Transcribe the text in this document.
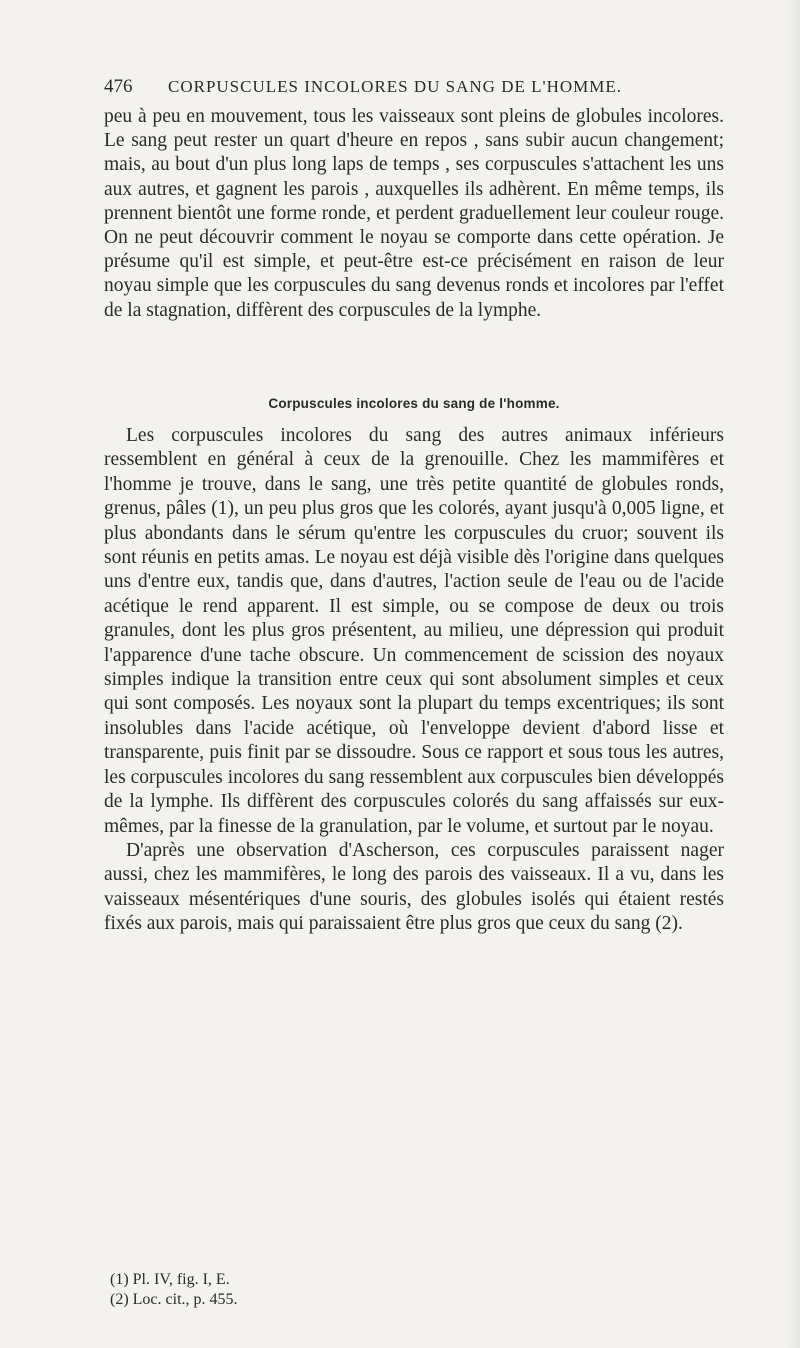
476 CORPUSCULES INCOLORES DU SANG DE L'HOMME.

peu à peu en mouvement, tous les vaisseaux sont pleins de globules incolores. Le sang peut rester un quart d'heure en repos , sans subir aucun changement; mais, au bout d'un plus long laps de temps , ses corpuscules s'attachent les uns aux autres, et gagnent les parois , auxquelles ils adhèrent. En même temps, ils prennent bientôt une forme ronde, et perdent graduellement leur couleur rouge. On ne peut découvrir comment le noyau se comporte dans cette opération. Je présume qu'il est simple, et peut-être est-ce précisément en raison de leur noyau simple que les corpuscules du sang devenus ronds et incolores par l'effet de la stagnation, diffèrent des corpuscules de la lymphe.

Corpuscules incolores du sang de l'homme.

Les corpuscules incolores du sang des autres animaux inférieurs ressemblent en général à ceux de la grenouille. Chez les mammifères et l'homme je trouve, dans le sang, une très petite quantité de globules ronds, grenus, pâles (1), un peu plus gros que les colorés, ayant jusqu'à 0,005 ligne, et plus abondants dans le sérum qu'entre les corpuscules du cruor; souvent ils sont réunis en petits amas. Le noyau est déjà visible dès l'origine dans quelques uns d'entre eux, tandis que, dans d'autres, l'action seule de l'eau ou de l'acide acétique le rend apparent. Il est simple, ou se compose de deux ou trois granules, dont les plus gros présentent, au milieu, une dépression qui produit l'apparence d'une tache obscure. Un commencement de scission des noyaux simples indique la transition entre ceux qui sont absolument simples et ceux qui sont composés. Les noyaux sont la plupart du temps excentriques; ils sont insolubles dans l'acide acétique, où l'enveloppe devient d'abord lisse et transparente, puis finit par se dissoudre. Sous ce rapport et sous tous les autres, les corpuscules incolores du sang ressemblent aux corpuscules bien développés de la lymphe. Ils diffèrent des corpuscules colorés du sang affaissés sur eux-mêmes, par la finesse de la granulation, par le volume, et surtout par le noyau.

D'après une observation d'Ascherson, ces corpuscules paraissent nager aussi, chez les mammifères, le long des parois des vaisseaux. Il a vu, dans les vaisseaux mésentériques d'une souris, des globules isolés qui étaient restés fixés aux parois, mais qui paraissaient être plus gros que ceux du sang (2).

(1) Pl. IV, fig. I, E.
(2) Loc. cit., p. 455.
